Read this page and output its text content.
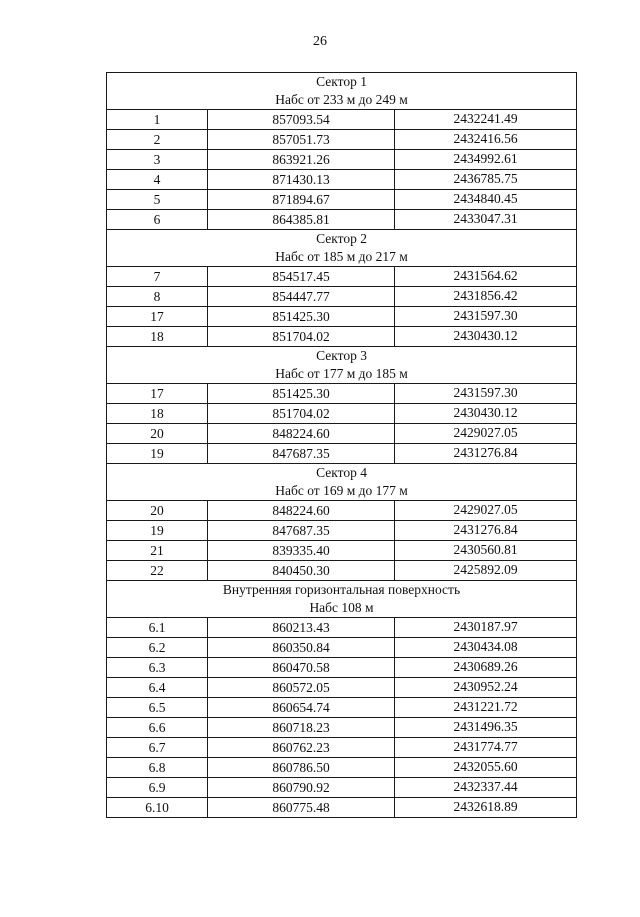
26
Сектор 1
Набс от 233 м до 249 м		

1	857093.54	2432241.49
2	857051.73	2432416.56
3	863921.26	2434992.61
4	871430.13	2436785.75
5	871894.67	2434840.45
6	864385.81	2433047.31

Сектор 2
Набс от 185 м до 217 м		

7	854517.45	2431564.62
8	854447.77	2431856.42
17	851425.30	2431597.30
18	851704.02	2430430.12

Сектор 3
Набс от 177 м до 185 м		

17	851425.30	2431597.30
18	851704.02	2430430.12
20	848224.60	2429027.05
19	847687.35	2431276.84

Сектор 4
Набс от 169 м до 177 м		

20	848224.60	2429027.05
19	847687.35	2431276.84
21	839335.40	2430560.81
22	840450.30	2425892.09

Внутренняя горизонтальная поверхность
Набс 108 м		

6.1	860213.43	2430187.97
6.2	860350.84	2430434.08
6.3	860470.58	2430689.26
6.4	860572.05	2430952.24
6.5	860654.74	2431221.72
6.6	860718.23	2431496.35
6.7	860762.23	2431774.77
6.8	860786.50	2432055.60
6.9	860790.92	2432337.44
6.10	860775.48	2432618.89
